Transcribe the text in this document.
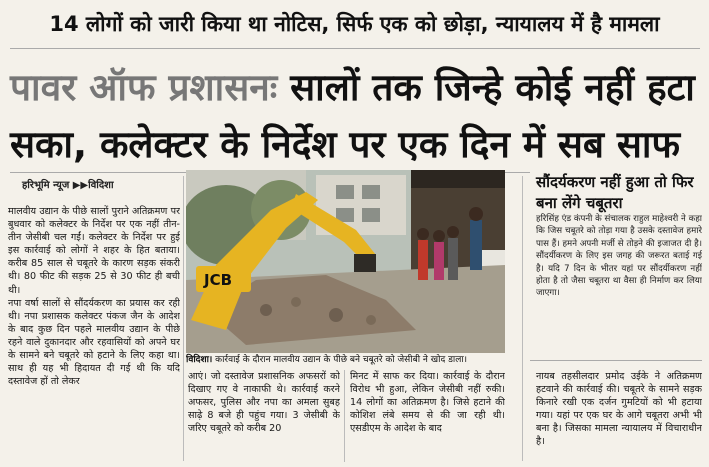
14 लोगों को जारी किया था नोटिस, सिर्फ एक को छोड़ा, न्यायालय में है मामला
पावर ऑफ प्रशासनः सालों तक जिन्हे कोई नहीं हटा
सका, कलेक्टर के निर्देश पर एक दिन में सब साफ
हरिभूमि न्यूज ▶▶विदिशा
मालवीय उद्यान के पीछे सालों पुराने अतिक्रमण पर बुधवार को कलेक्टर के निर्देश पर एक नहीं तीन- तीन जेसीबी चल गईं। कलेक्टर के निर्देश पर हुई इस कार्रवाई को लोगों ने शहर के हित बताया। करीब 85 साल से चबूतरे के कारण सड़क संकरी थी। 80 फीट की सड़क 25 से 30 फीट ही बची थी।
नपा वर्षा सालों से सौंदर्यकरण का प्रयास कर रही थी। नपा प्रशासक कलेक्टर पंकज जैन के आदेश के बाद कुछ दिन पहले मालवीय उद्यान के पीछे रहने वाले दुकानदार और रहवासियों को अपने घर के सामने बने चबूतरे को हटाने के लिए कहा था। साथ ही यह भी हिदायत दी गई थी कि यदि दस्तावेज हों तो लेकर
JCB
विदिशा। कार्रवाई के दौरान मालवीय उद्यान के पीछे बने चबूतरे को जेसीबी ने खोद डाला।
आएं। जो दस्तावेज प्रशासनिक अफसरों को दिखाए गए वे नाकाफी थे। कार्रवाई करने अफसर, पुलिस और नपा का अमला सुबह साढ़े 8 बजे ही पहुंच गया। 3 जेसीबी के जरिए चबूतरे को करीब 20
मिनट में साफ कर दिया। कार्रवाई के दौरान विरोध भी हुआ, लेकिन जेसीबी नहीं रुकी। 14 लोगों का अतिक्रमण है। जिसे हटाने की कोशिश लंबे समय से की जा रही थी। एसडीएम के आदेश के बाद
सौंदर्यकरण नहीं हुआ तो फिर बना लेंगे चबूतरा
हरिसिंह एंड कंपनी के संचालक राहुल माहेश्वरी ने कहा कि जिस चबूतरे को तोड़ा गया है उसके दस्तावेज हमारे पास हैं। हमने अपनी मर्जी से तोड़ने की इजाजत दी है। सौंदर्यीकरण के लिए इस जगह की जरूरत बताई गई है। यदि 7 दिन के भीतर यहां पर सौंदर्यीकरण नहीं होता है तो जैसा चबूतरा था वैसा ही निर्माण कर लिया जाएगा।
नायब तहसीलदार प्रमोद उईके ने अतिक्रमण हटवाने की कार्रवाई की। चबूतरे के सामने सड़क किनारे रखी एक दर्जन गुमटियों को भी हटाया गया। यहां पर एक घर के आगे चबूतरा अभी भी बना है। जिसका मामला न्यायालय में विचाराधीन है।
